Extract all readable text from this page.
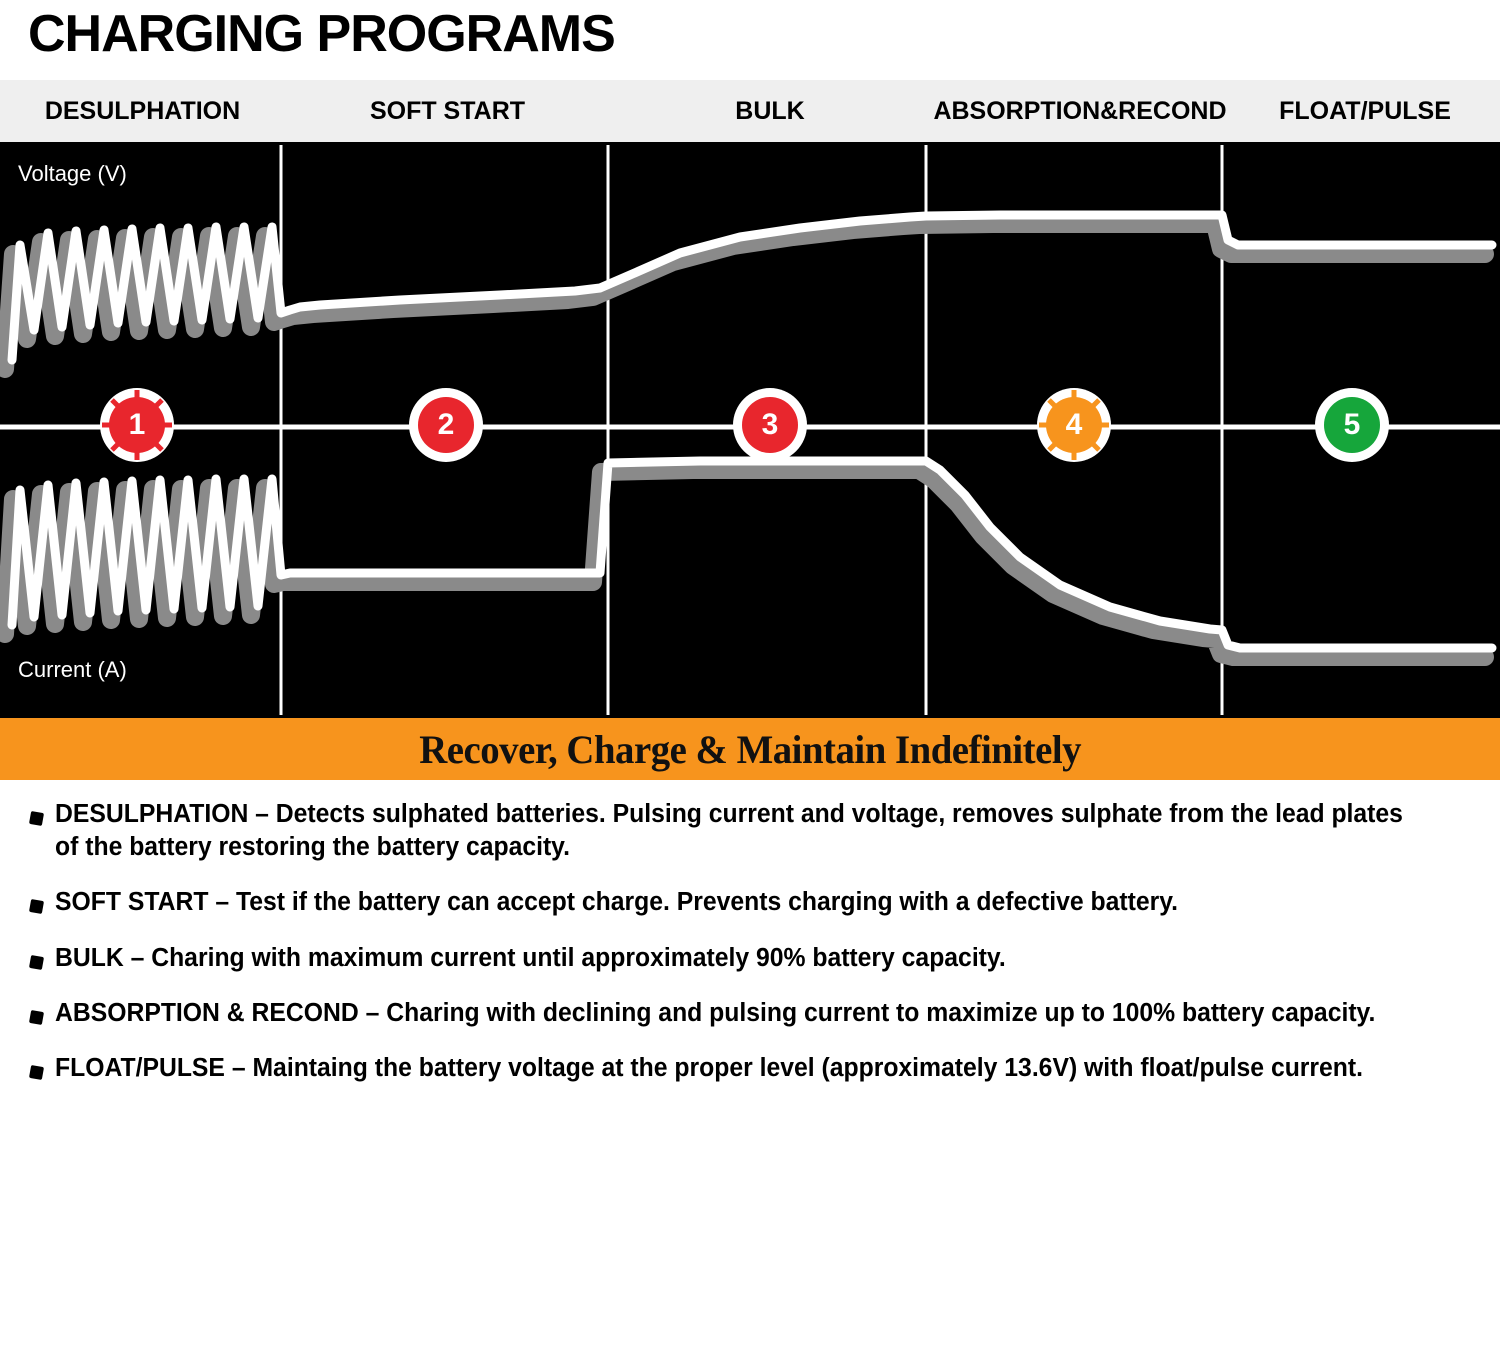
CHARGING PROGRAMS
DESULPHATION	SOFT START	BULK	ABSORPTION&RECOND	FLOAT/PULSE
Voltage (V)
Current (A)
1	2	3	4	5
Recover, Charge & Maintain Indefinitely
DESULPHATION – Detects sulphated batteries. Pulsing current and voltage, removes sulphate from the lead plates of the battery restoring the battery capacity.
SOFT START – Test if the battery can accept charge. Prevents charging with a defective battery.
BULK – Charing with maximum current until approximately 90% battery capacity.
ABSORPTION & RECOND – Charing with declining and pulsing current to maximize up to 100% battery capacity.
FLOAT/PULSE – Maintaing the battery voltage at the proper level (approximately 13.6V) with float/pulse current.
